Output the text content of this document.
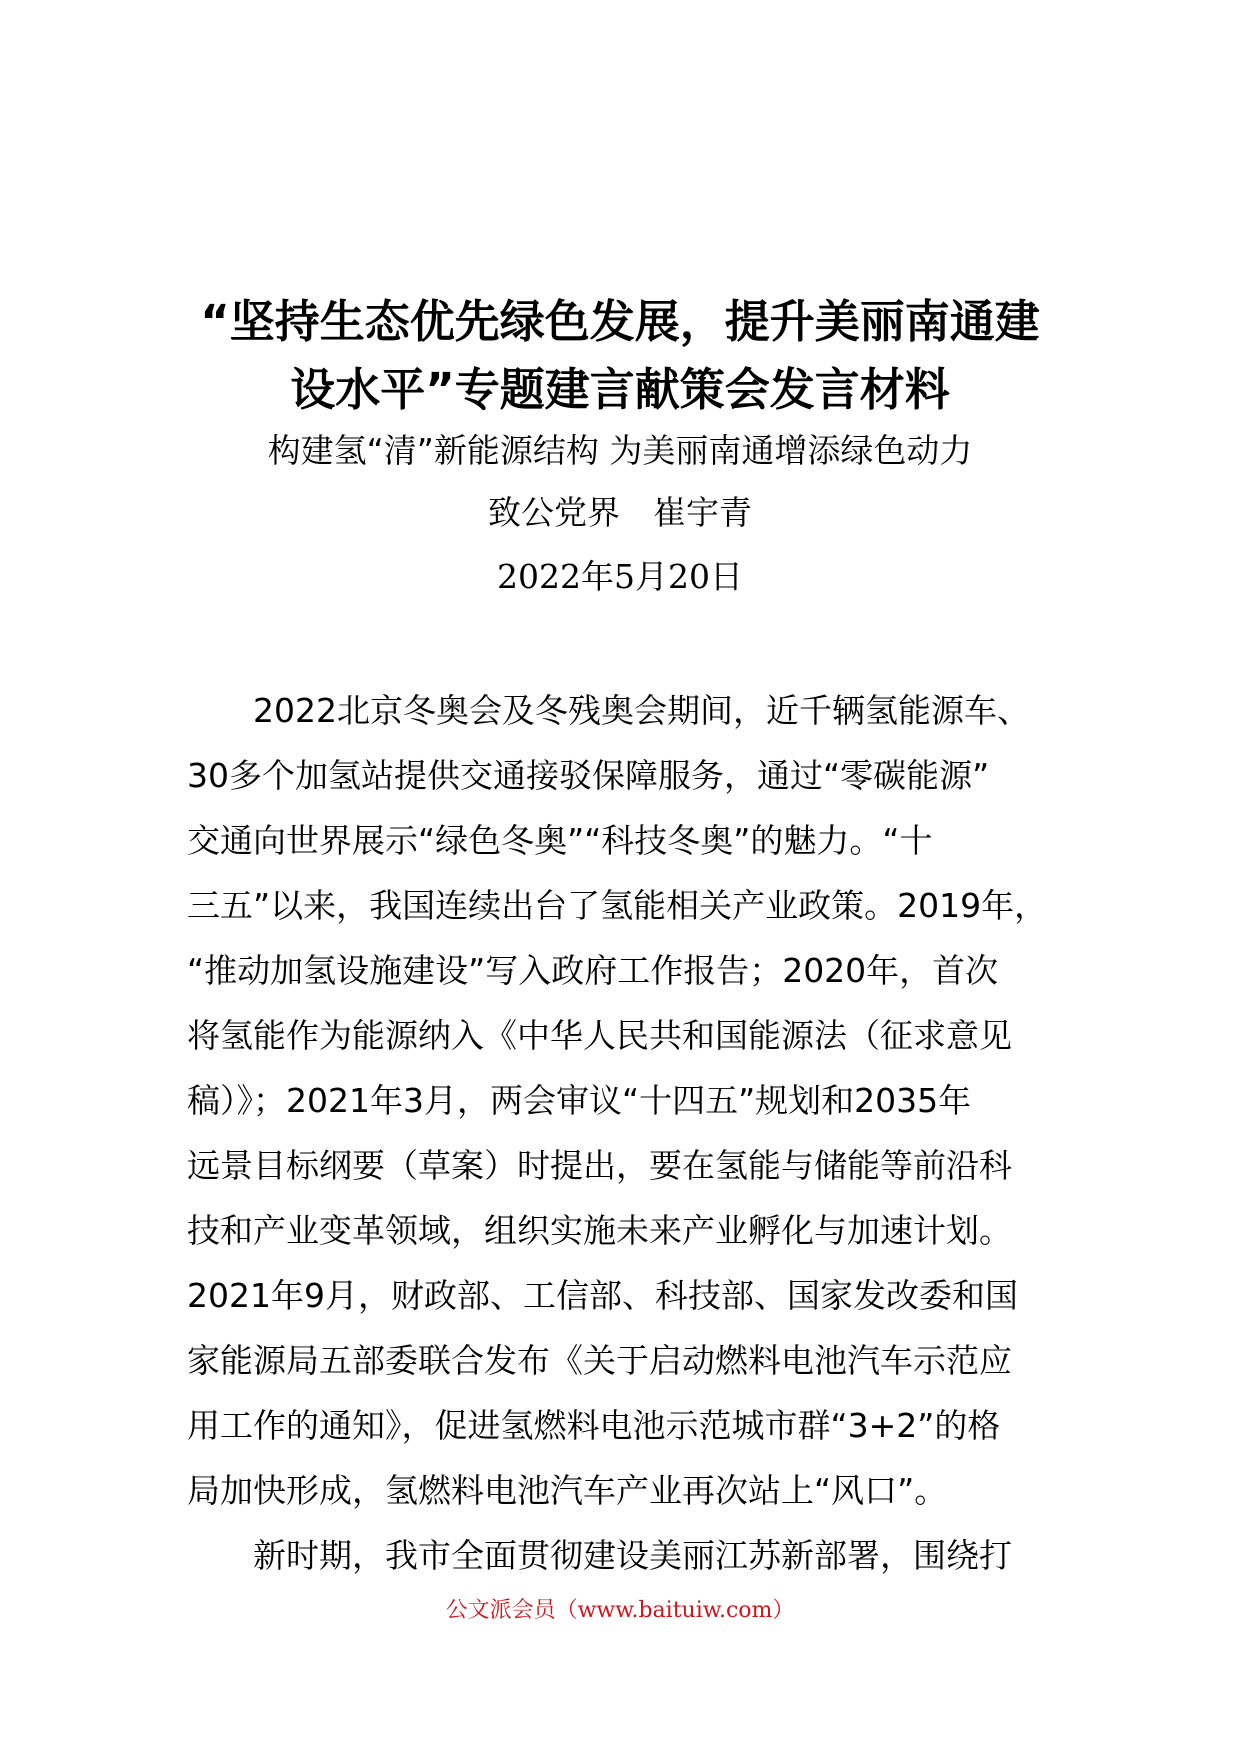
“坚持生态优先绿色发展，提升美丽南通建
设水平”专题建言献策会发言材料
构建氢“清”新能源结构 为美丽南通增添绿色动力
致公党界　崔宇青
2022年5月20日
2022北京冬奥会及冬残奥会期间，近千辆氢能源车、
30多个加氢站提供交通接驳保障服务，通过“零碳能源”
交通向世界展示“绿色冬奥”“科技冬奥”的魅力。“十
三五”以来，我国连续出台了氢能相关产业政策。2019年，
“推动加氢设施建设”写入政府工作报告；2020年，首次
将氢能作为能源纳入《中华人民共和国能源法（征求意见
稿）》；2021年3月，两会审议“十四五”规划和2035年
远景目标纲要（草案）时提出，要在氢能与储能等前沿科
技和产业变革领域，组织实施未来产业孵化与加速计划。
2021年9月，财政部、工信部、科技部、国家发改委和国
家能源局五部委联合发布《关于启动燃料电池汽车示范应
用工作的通知》，促进氢燃料电池示范城市群“3+2”的格
局加快形成，氢燃料电池汽车产业再次站上“风口”。
新时期，我市全面贯彻建设美丽江苏新部署，围绕打
公文派会员（www.baituiw.com）
